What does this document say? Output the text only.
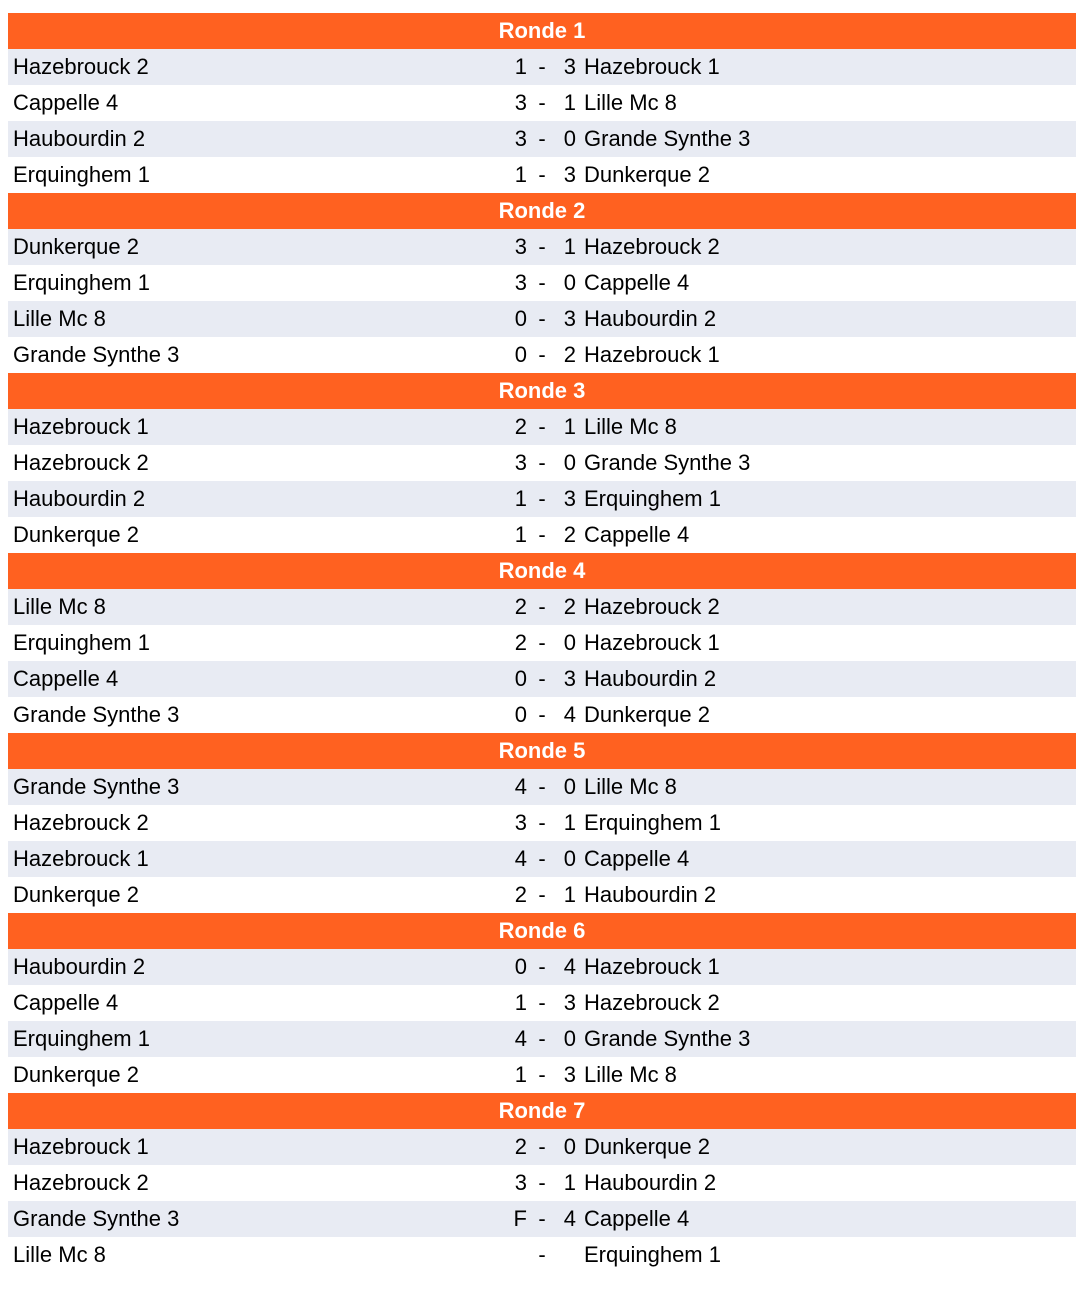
Ronde 1
Hazebrouck 2	1 - 3 Hazebrouck 1
Cappelle 4	3 - 1 Lille Mc 8
Haubourdin 2	3 - 0 Grande Synthe 3
Erquinghem 1	1 - 3 Dunkerque 2
Ronde 2
Dunkerque 2	3 - 1 Hazebrouck 2
Erquinghem 1	3 - 0 Cappelle 4
Lille Mc 8	0 - 3 Haubourdin 2
Grande Synthe 3	0 - 2 Hazebrouck 1
Ronde 3
Hazebrouck 1	2 - 1 Lille Mc 8
Hazebrouck 2	3 - 0 Grande Synthe 3
Haubourdin 2	1 - 3 Erquinghem 1
Dunkerque 2	1 - 2 Cappelle 4
Ronde 4
Lille Mc 8	2 - 2 Hazebrouck 2
Erquinghem 1	2 - 0 Hazebrouck 1
Cappelle 4	0 - 3 Haubourdin 2
Grande Synthe 3	0 - 4 Dunkerque 2
Ronde 5
Grande Synthe 3	4 - 0 Lille Mc 8
Hazebrouck 2	3 - 1 Erquinghem 1
Hazebrouck 1	4 - 0 Cappelle 4
Dunkerque 2	2 - 1 Haubourdin 2
Ronde 6
Haubourdin 2	0 - 4 Hazebrouck 1
Cappelle 4	1 - 3 Hazebrouck 2
Erquinghem 1	4 - 0 Grande Synthe 3
Dunkerque 2	1 - 3 Lille Mc 8
Ronde 7
Hazebrouck 1	2 - 0 Dunkerque 2
Hazebrouck 2	3 - 1 Haubourdin 2
Grande Synthe 3	F - 4 Cappelle 4
Lille Mc 8	- Erquinghem 1
